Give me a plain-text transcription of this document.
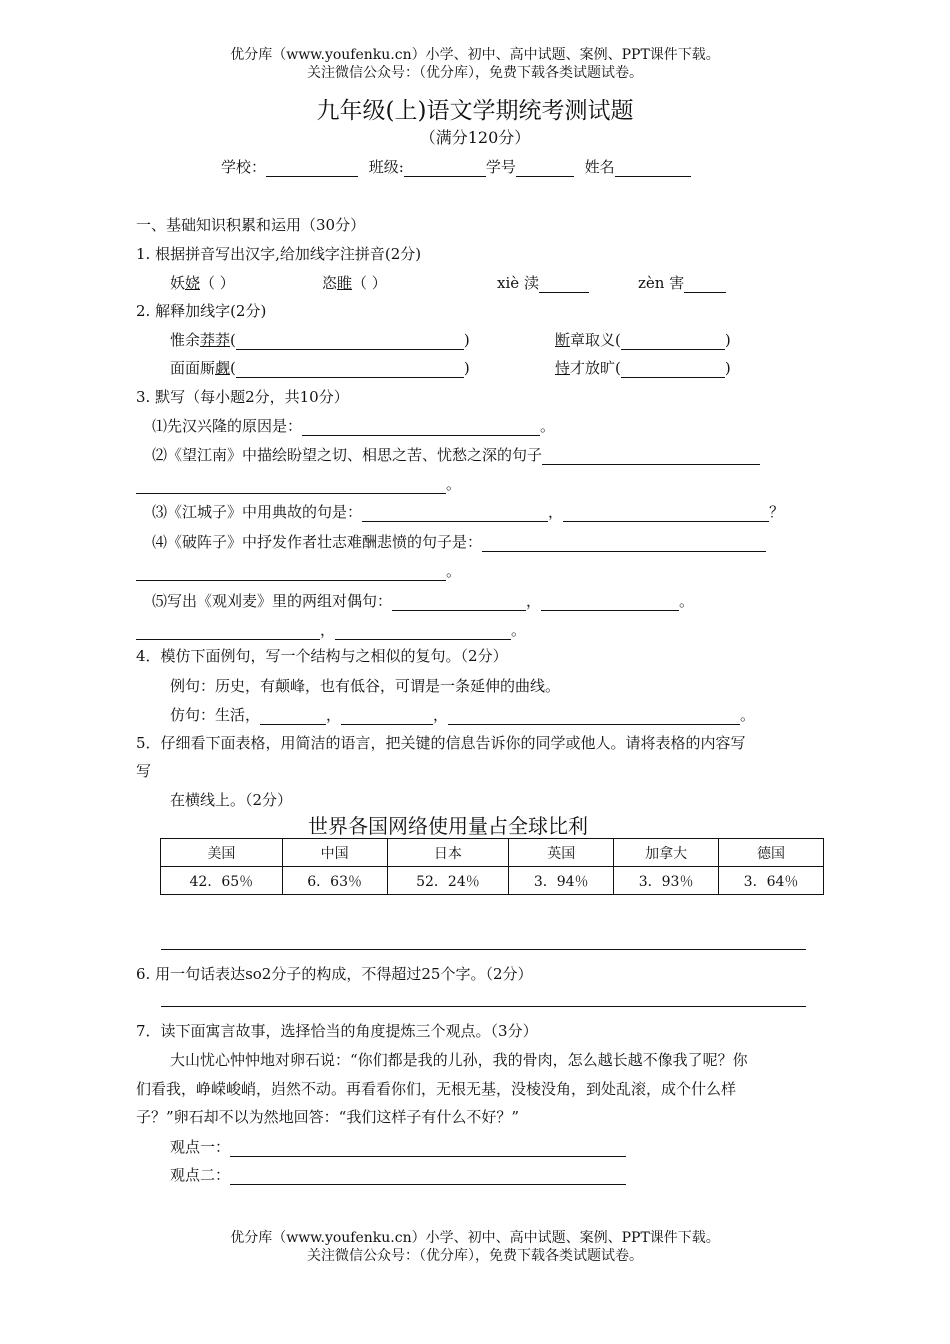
优分库（www.youfenku.cn）小学、初中、高中试题、案例、PPT课件下载。
关注微信公众号：（优分库），免费下载各类试题试卷。
九年级(上)语文学期统考测试题
（满分120分）
学校：	班级:	学号	姓名
一、基础知识积累和运用（30分）
1. 根据拼音写出汉字,给加线字注拼音(2分)
妖娆（ ）	恣睢（ ）	xiè 渎	zèn 害
2. 解释加线字(2分)
惟余莽莽(	)	断章取义(	)
面面厮觑(	)	恃才放旷(	)
3. 默写（每小题2分，共10分）
⑴先汉兴隆的原因是：	。
⑵《望江南》中描绘盼望之切、相思之苦、忧愁之深的句子
。
⑶《江城子》中用典故的句是：	，	？
⑷《破阵子》中抒发作者壮志难酬悲愤的句子是：
。
⑸写出《观刈麦》里的两组对偶句：	，	。
，	。
4．模仿下面例句，写一个结构与之相似的复句。（2分）
例句：历史，有颠峰，也有低谷，可谓是一条延伸的曲线。
仿句：生活，	，	，	。
5．仔细看下面表格，用简洁的语言，把关键的信息告诉你的同学或他人。请将表格的内容写
写
在横线上。（2分）
世界各国网络使用量占全球比利
美国	中国	日本	英国	加拿大	德国
42．65％	6．63％	52．24％	3．94％	3．93％	3．64％
6. 用一句话表达so2分子的构成，不得超过25个字。（2分）
7．读下面寓言故事，选择恰当的角度提炼三个观点。（3分）
大山忧心忡忡地对卵石说：“你们都是我的儿孙，我的骨肉，怎么越长越不像我了呢？你
们看我，峥嵘峻峭，岿然不动。再看看你们，无根无基，没棱没角，到处乱滚，成个什么样
子？”卵石却不以为然地回答：“我们这样子有什么不好？”
观点一：
观点二：
优分库（www.youfenku.cn）小学、初中、高中试题、案例、PPT课件下载。
关注微信公众号：（优分库），免费下载各类试题试卷。
